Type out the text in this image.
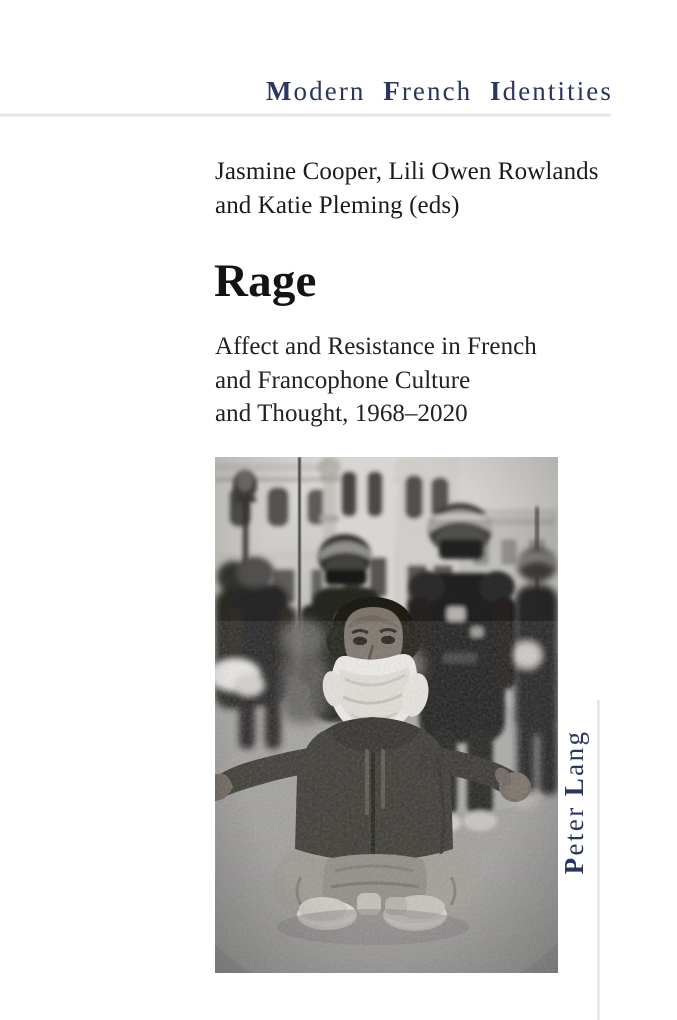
Modern French Identities
Jasmine Cooper, Lili Owen Rowlands and Katie Pleming (eds)
Rage
Affect and Resistance in French
and Francophone Culture
and Thought, 1968–2020
Peter Lang
